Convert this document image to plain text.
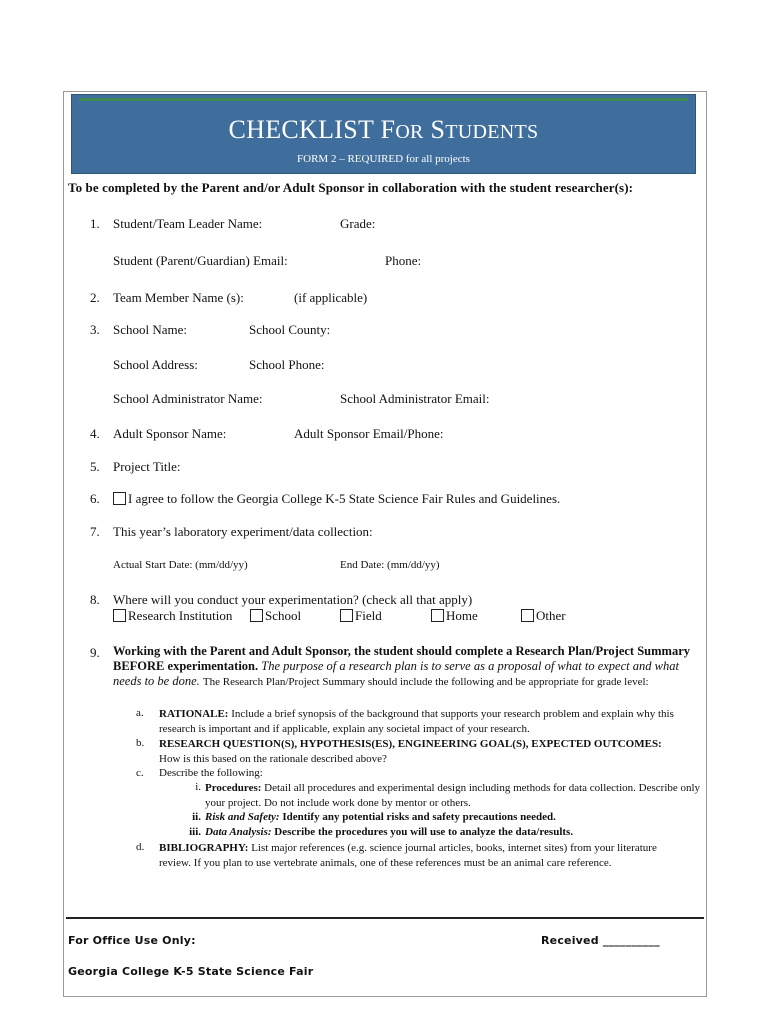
CHECKLIST FOR STUDENTS
FORM 2 – REQUIRED for all projects
To be completed by the Parent and/or Adult Sponsor in collaboration with the student researcher(s):
1. Student/Team Leader Name:	Grade:
Student (Parent/Guardian) Email:	Phone:
2. Team Member Name (s):	(if applicable)
3. School Name:	School County:
School Address:	School Phone:
School Administrator Name:	School Administrator Email:
4. Adult Sponsor Name:	Adult Sponsor Email/Phone:
5. Project Title:
6.	I agree to follow the Georgia College K-5 State Science Fair Rules and Guidelines.
7. This year’s laboratory experiment/data collection:
Actual Start Date: (mm/dd/yy)	End Date: (mm/dd/yy)
8. Where will you conduct your experimentation? (check all that apply)
Research Institution	School	Field	Home	Other
9. Working with the Parent and Adult Sponsor, the student should complete a Research Plan/Project Summary BEFORE experimentation. The purpose of a research plan is to serve as a proposal of what to expect and what needs to be done. The Research Plan/Project Summary should include the following and be appropriate for grade level:
a. RATIONALE: Include a brief synopsis of the background that supports your research problem and explain why this research is important and if applicable, explain any societal impact of your research.
b. RESEARCH QUESTION(S), HYPOTHESIS(ES), ENGINEERING GOAL(S), EXPECTED OUTCOMES: How is this based on the rationale described above?
c. Describe the following:
i. Procedures: Detail all procedures and experimental design including methods for data collection. Describe only your project. Do not include work done by mentor or others.
ii. Risk and Safety: Identify any potential risks and safety precautions needed.
iii. Data Analysis: Describe the procedures you will use to analyze the data/results.
d. BIBLIOGRAPHY: List major references (e.g. science journal articles, books, internet sites) from your literature review. If you plan to use vertebrate animals, one of these references must be an animal care reference.
For Office Use Only:	Received __________
Georgia College K-5 State Science Fair
